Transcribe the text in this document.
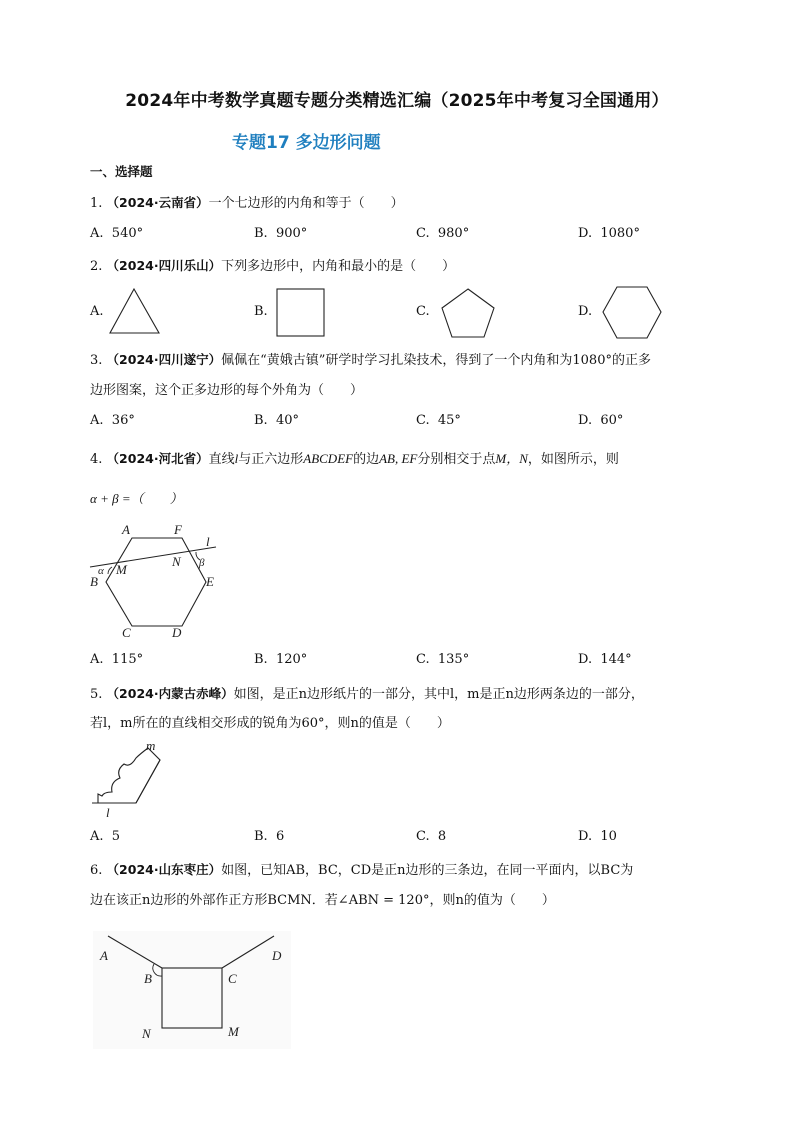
2024年中考数学真题专题分类精选汇编（2025年中考复习全国通用）
专题17 多边形问题
一、选择题
1. （2024·云南省）一个七边形的内角和等于（　　）
A. 540°	B. 900°	C. 980°	D. 1080°
2. （2024·四川乐山）下列多边形中，内角和最小的是（　　）
A.	B.	C.	D.
3. （2024·四川遂宁）佩佩在“黄娥古镇”研学时学习扎染技术，得到了一个内角和为1080°的正多
边形图案，这个正多边形的每个外角为（　　）
A. 36°	B. 40°	C. 45°	D. 60°
4. （2024·河北省）直线l与正六边形ABCDEF的边AB, EF分别相交于点M，N，如图所示，则
α + β =（　　）
A	F
l
M
N
α
β
B	E
C	D
A. 115°	B. 120°	C. 135°	D. 144°
5. （2024·内蒙古赤峰）如图，是正n边形纸片的一部分，其中l，m是正n边形两条边的一部分，
若l，m所在的直线相交形成的锐角为60°，则n的值是（　　）
m
l
A. 5	B. 6	C. 8	D. 10
6. （2024·山东枣庄）如图，已知AB，BC，CD是正n边形的三条边，在同一平面内，以BC为
边在该正n边形的外部作正方形BCMN．若∠ABN = 120°，则n的值为（　　）
A
B	C
D
N	M
